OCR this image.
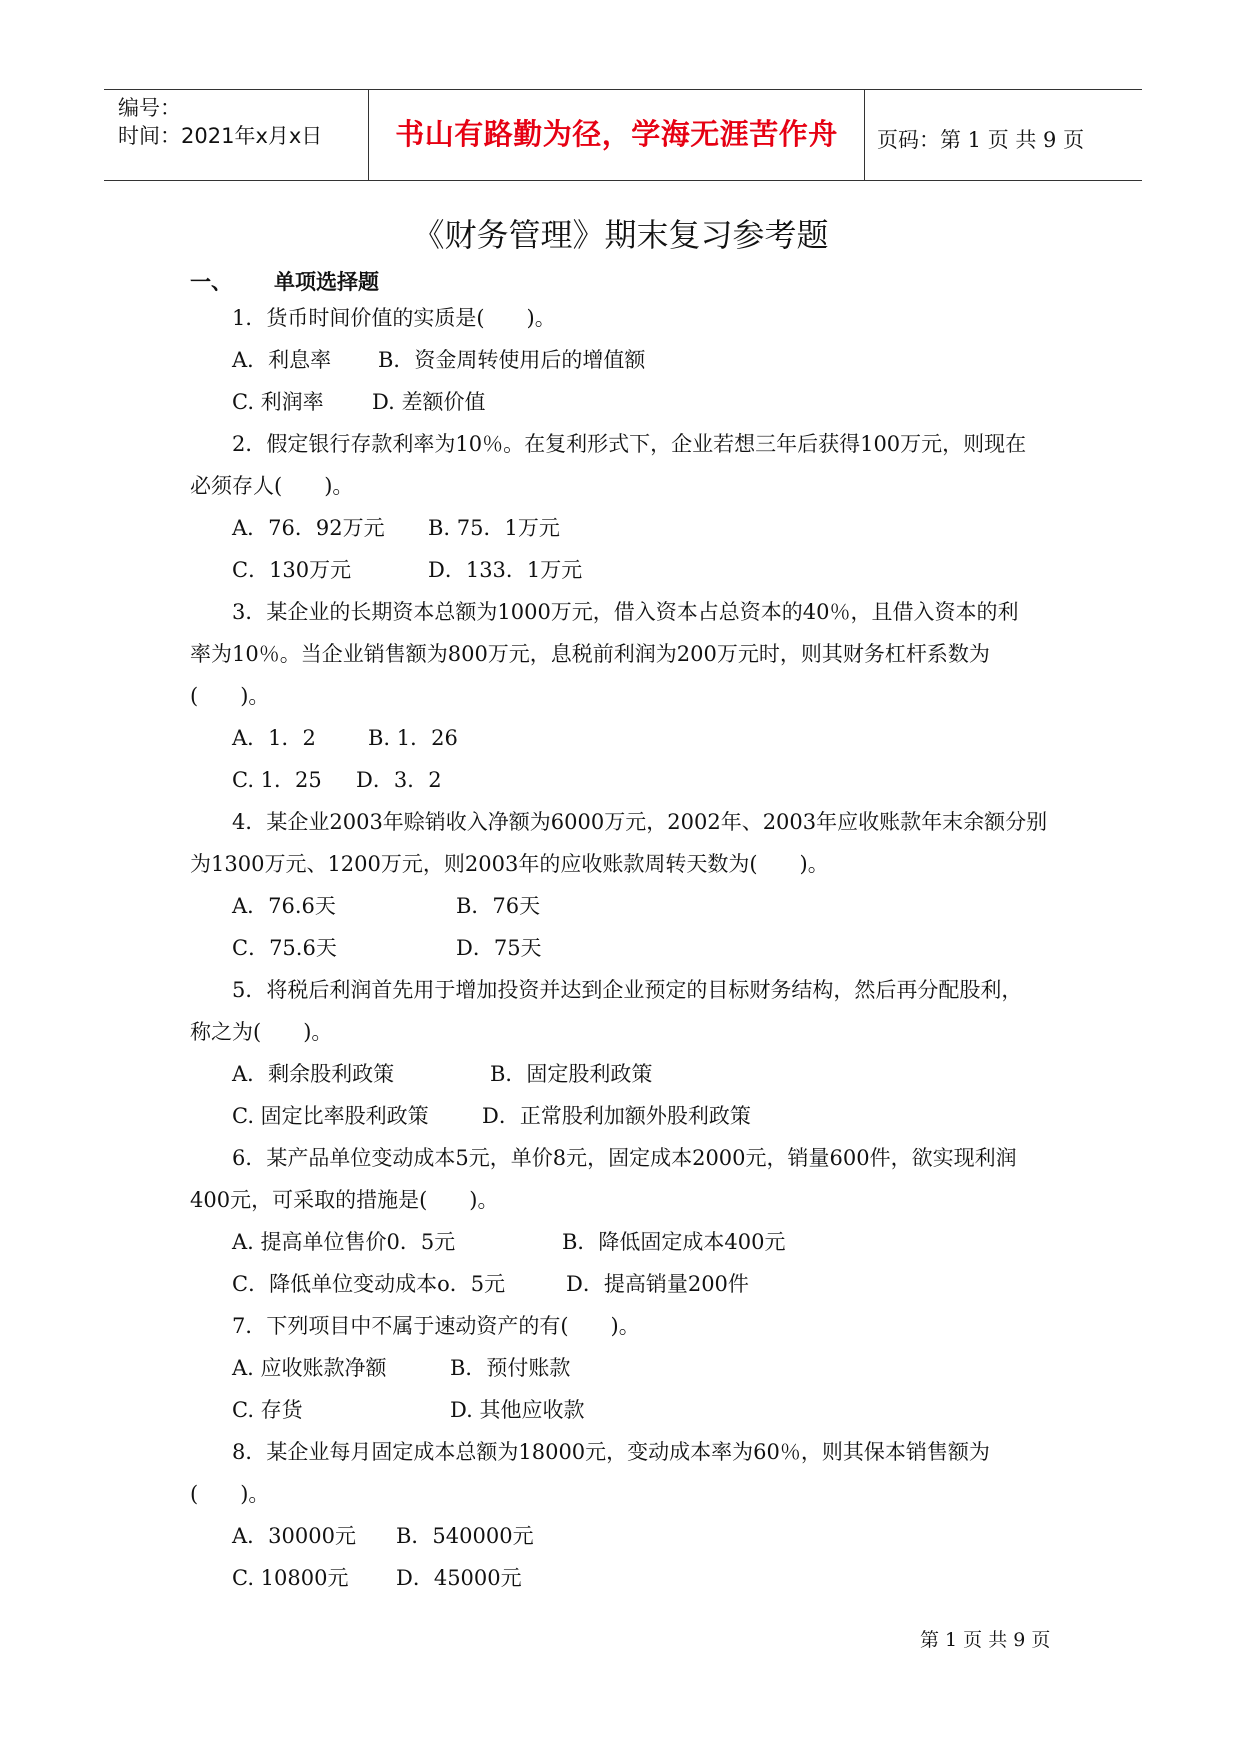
编号：
时间：2021年x月x日	书山有路勤为径，学海无涯苦作舟	页码：第 1 页 共 9 页
《财务管理》期末复习参考题
一、 单项选择题
1．货币时间价值的实质是(　　)。
A．利息率 B．资金周转使用后的增值额
C. 利润率 D. 差额价值
2．假定银行存款利率为10％。在复利形式下，企业若想三年后获得100万元，则现在
必须存人(　　)。
A．76．92万元 B. 75．1万元
C．130万元	D．133．1万元
3．某企业的长期资本总额为1000万元，借入资本占总资本的40％，且借入资本的利
率为10％。当企业销售额为800万元，息税前利润为200万元时，则其财务杠杆系数为
(　　)。
A．1．2 B. 1．26
C. 1．25 D．3．2
4．某企业2003年赊销收入净额为6000万元，2002年、2003年应收账款年末余额分别
为1300万元、1200万元，则2003年的应收账款周转天数为(　　)。
A．76.6天	B．76天
C．75.6天	D．75天
5．将税后利润首先用于增加投资并达到企业预定的目标财务结构，然后再分配股利，
称之为(　　)。
A．剩余股利政策	B．固定股利政策
C. 固定比率股利政策	D．正常股利加额外股利政策
6．某产品单位变动成本5元，单价8元，固定成本2000元，销量600件，欲实现利润
400元，可采取的措施是(　　)。
A. 提高单位售价0．5元	B．降低固定成本400元
C．降低单位变动成本o．5元	D．提高销量200件
7．下列项目中不属于速动资产的有(　　)。
A. 应收账款净额	B．预付账款
C. 存货	D. 其他应收款
8．某企业每月固定成本总额为18000元，变动成本率为60％，则其保本销售额为
(　　)。
A．30000元 B．540000元
C. 10800元 D．45000元
第 1 页 共 9 页
